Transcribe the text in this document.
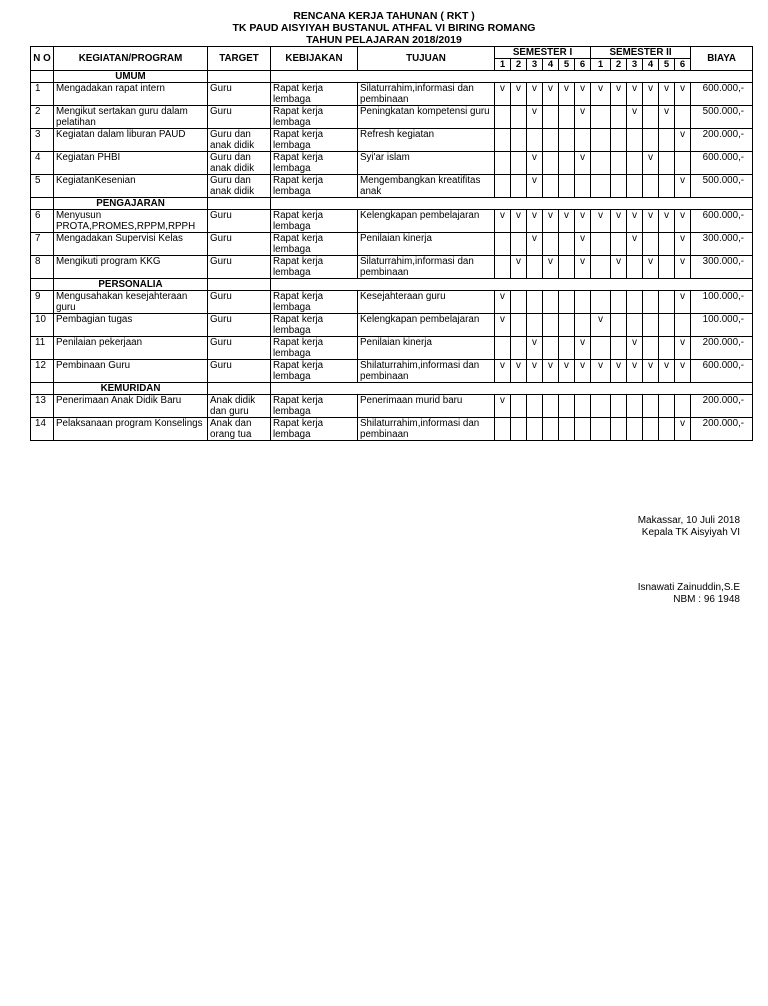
RENCANA KERJA TAHUNAN ( RKT )
TK PAUD AISYIYAH BUSTANUL ATHFAL VI BIRING ROMANG
TAHUN PELAJARAN 2018/2019
N O	KEGIATAN/PROGRAM	TARGET	KEBIJAKAN	TUJUAN	SEMESTER I						SEMESTER II						BIAYA
					1	2	3	4	5	6	1	2	3	4	5	6	
	UMUM																
1	Mengadakan rapat intern	Guru	Rapat kerja lembaga	Silaturrahim,informasi dan pembinaan	v	v	v	v	v	v	v	v	v	v	v	v	600.000,-
2	Mengikut sertakan guru dalam pelatihan	Guru	Rapat kerja lembaga	Peningkatan kompetensi guru			v			v			v		v		500.000,-
3	Kegiatan dalam liburan PAUD	Guru dan anak didik	Rapat kerja lembaga	Refresh kegiatan												v	200.000,-
4	Kegiatan PHBI	Guru dan anak didik	Rapat kerja lembaga	Syi'ar islam			v			v				v			600.000,-
5	KegiatanKesenian	Guru dan anak didik	Rapat kerja lembaga	Mengembangkan kreatifitas anak			v									v	500.000,-
	PENGAJARAN																
6	Menyusun PROTA,PROMES,RPPM,RPPH	Guru	Rapat kerja lembaga	Kelengkapan pembelajaran	v	v	v	v	v	v	v	v	v	v	v	v	600.000,-
7	Mengadakan Supervisi Kelas	Guru	Rapat kerja lembaga	Penilaian kinerja			v			v			v			v	300.000,-
8	Mengikuti program KKG	Guru	Rapat kerja lembaga	Silaturrahim,informasi dan pembinaan		v		v		v		v		v		v	300.000,-
	PERSONALIA																
9	Mengusahakan kesejahteraan guru	Guru	Rapat kerja lembaga	Kesejahteraan guru	v											v	100.000,-
10	Pembagian tugas	Guru	Rapat kerja lembaga	Kelengkapan pembelajaran	v						v						100.000,-
11	Penilaian pekerjaan	Guru	Rapat kerja lembaga	Penilaian kinerja			v			v			v			v	200.000,-
12	Pembinaan Guru	Guru	Rapat kerja lembaga	Shilaturrahim,informasi dan pembinaan	v	v	v	v	v	v	v	v	v	v	v	v	600.000,-
	KEMURIDAN																
13	Penerimaan Anak Didik Baru	Anak didik dan guru	Rapat kerja lembaga	Penerimaan murid baru	v												200.000,-
14	Pelaksanaan program Konselings	Anak dan orang tua	Rapat kerja lembaga	Shilaturrahim,informasi dan pembinaan												v	200.000,-
Makassar, 10 Juli 2018
Kepala TK Aisyiyah VI
Isnawati Zainuddin,S.E
NBM : 96 1948
